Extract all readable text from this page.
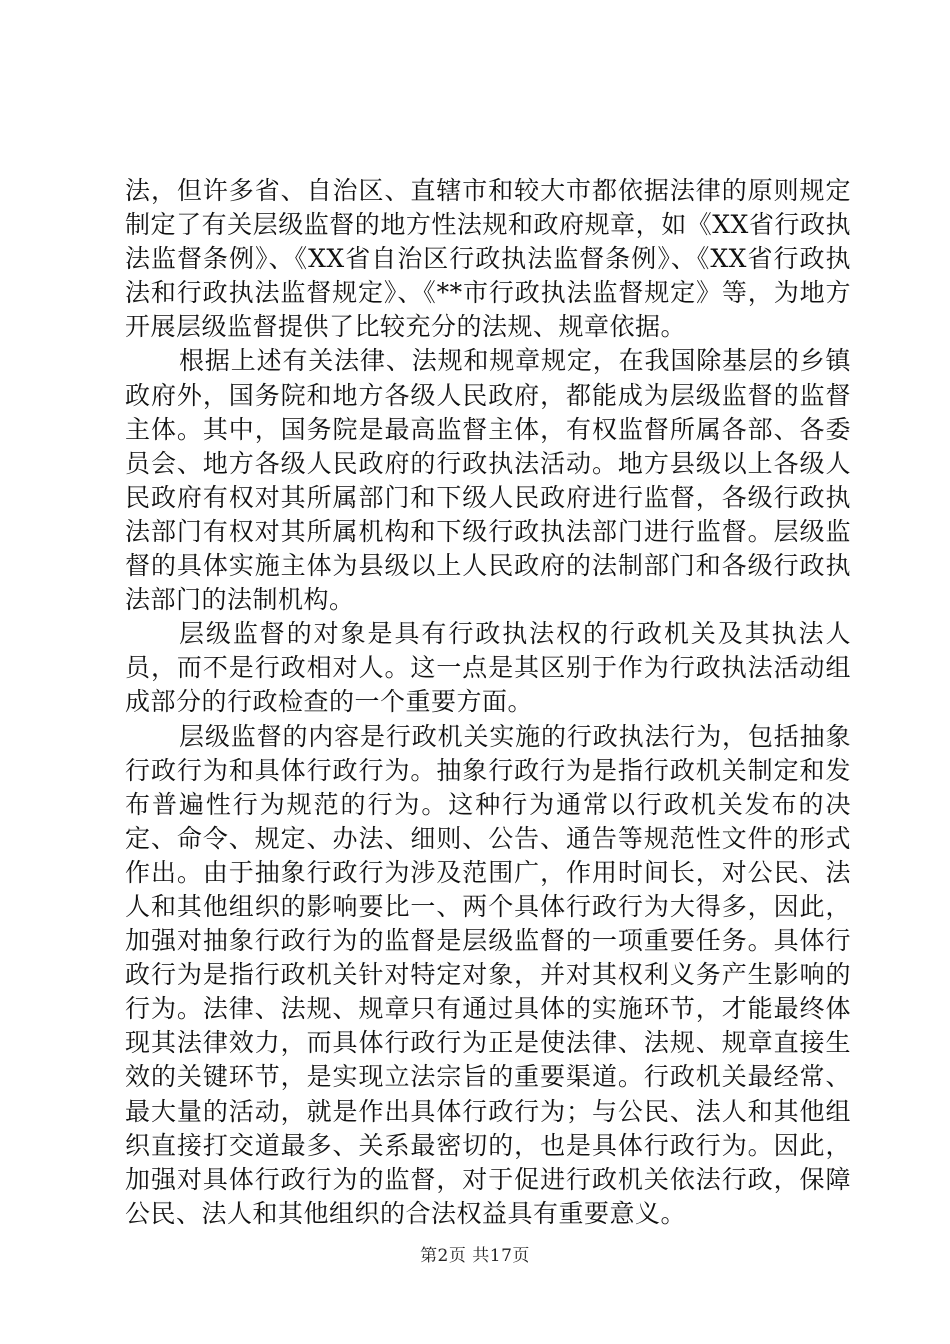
法，但许多省、自治区、直辖市和较大市都依据法律的原则规定制定了有关层级监督的地方性法规和政府规章，如《XX省行政执法监督条例》、《XX省自治区行政执法监督条例》、《XX省行政执法和行政执法监督规定》、《**市行政执法监督规定》等，为地方开展层级监督提供了比较充分的法规、规章依据。

根据上述有关法律、法规和规章规定，在我国除基层的乡镇政府外，国务院和地方各级人民政府，都能成为层级监督的监督主体。其中，国务院是最高监督主体，有权监督所属各部、各委员会、地方各级人民政府的行政执法活动。地方县级以上各级人民政府有权对其所属部门和下级人民政府进行监督，各级行政执法部门有权对其所属机构和下级行政执法部门进行监督。层级监督的具体实施主体为县级以上人民政府的法制部门和各级行政执法部门的法制机构。

层级监督的对象是具有行政执法权的行政机关及其执法人员，而不是行政相对人。这一点是其区别于作为行政执法活动组成部分的行政检查的一个重要方面。

层级监督的内容是行政机关实施的行政执法行为，包括抽象行政行为和具体行政行为。抽象行政行为是指行政机关制定和发布普遍性行为规范的行为。这种行为通常以行政机关发布的决定、命令、规定、办法、细则、公告、通告等规范性文件的形式作出。由于抽象行政行为涉及范围广，作用时间长，对公民、法人和其他组织的影响要比一、两个具体行政行为大得多，因此，加强对抽象行政行为的监督是层级监督的一项重要任务。具体行政行为是指行政机关针对特定对象，并对其权利义务产生影响的行为。法律、法规、规章只有通过具体的实施环节，才能最终体现其法律效力，而具体行政行为正是使法律、法规、规章直接生效的关键环节，是实现立法宗旨的重要渠道。行政机关最经常、最大量的活动，就是作出具体行政行为；与公民、法人和其他组织直接打交道最多、关系最密切的，也是具体行政行为。因此，加强对具体行政行为的监督，对于促进行政机关依法行政，保障公民、法人和其他组织的合法权益具有重要意义。

第2页 共17页
